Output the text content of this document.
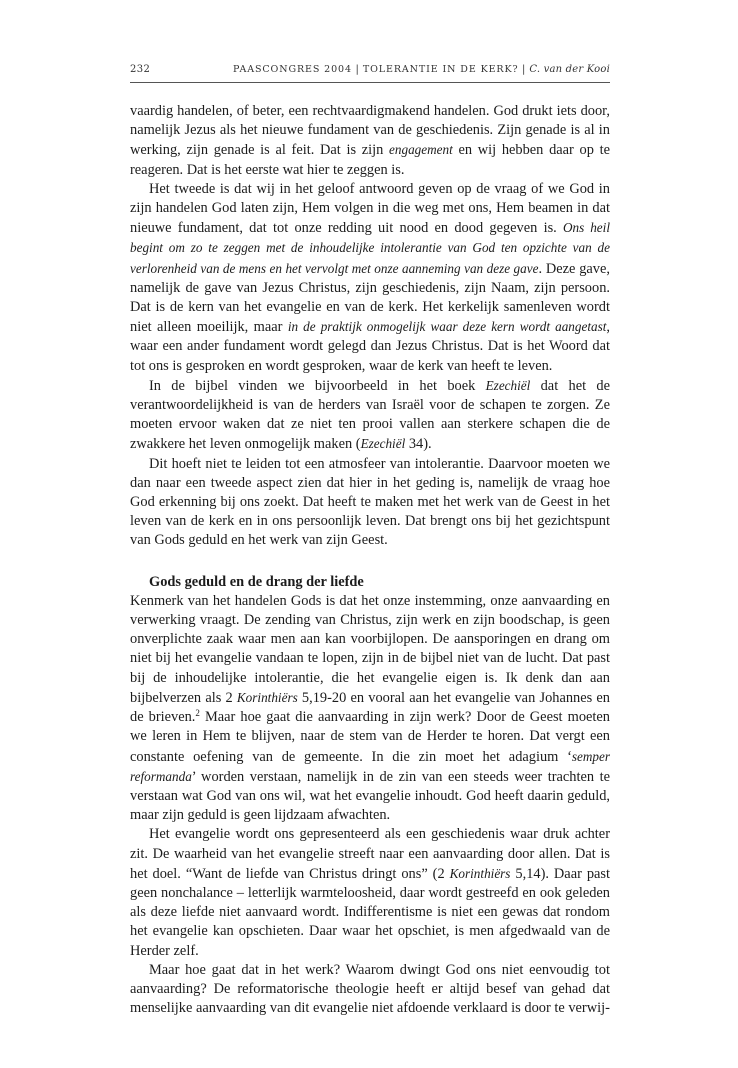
232	PAASCONGRES 2004 | TOLERANTIE IN DE KERK? | C. van der Kooi

vaardig handelen, of beter, een rechtvaardigmakend handelen. God drukt iets door, namelijk Jezus als het nieuwe fundament van de geschiedenis. Zijn genade is al in werking, zijn genade is al feit. Dat is zijn engagement en wij hebben daar op te reageren. Dat is het eerste wat hier te zeggen is.

Het tweede is dat wij in het geloof antwoord geven op de vraag of we God in zijn handelen God laten zijn, Hem volgen in die weg met ons, Hem beamen in dat nieuwe fundament, dat tot onze redding uit nood en dood gegeven is. Ons heil begint om zo te zeggen met de inhoudelijke intolerantie van God ten opzichte van de verlorenheid van de mens en het vervolgt met onze aanneming van deze gave. Deze gave, namelijk de gave van Jezus Christus, zijn geschiedenis, zijn Naam, zijn persoon. Dat is de kern van het evangelie en van de kerk. Het kerkelijk samenleven wordt niet alleen moeilijk, maar in de praktijk onmogelijk waar deze kern wordt aangetast, waar een ander fundament wordt gelegd dan Jezus Christus. Dat is het Woord dat tot ons is gesproken en wordt gesproken, waar de kerk van heeft te leven.

In de bijbel vinden we bijvoorbeeld in het boek Ezechiël dat het de verantwoordelijkheid is van de herders van Israël voor de schapen te zorgen. Ze moeten ervoor waken dat ze niet ten prooi vallen aan sterkere schapen die de zwakkere het leven onmogelijk maken (Ezechiël 34).

Dit hoeft niet te leiden tot een atmosfeer van intolerantie. Daarvoor moeten we dan naar een tweede aspect zien dat hier in het geding is, namelijk de vraag hoe God erkenning bij ons zoekt. Dat heeft te maken met het werk van de Geest in het leven van de kerk en in ons persoonlijk leven. Dat brengt ons bij het gezichtspunt van Gods geduld en het werk van zijn Geest.

Gods geduld en de drang der liefde

Kenmerk van het handelen Gods is dat het onze instemming, onze aanvaarding en verwerking vraagt. De zending van Christus, zijn werk en zijn boodschap, is geen onverplichte zaak waar men aan kan voorbijlopen. De aansporingen en drang om niet bij het evangelie vandaan te lopen, zijn in de bijbel niet van de lucht. Dat past bij de inhoudelijke intolerantie, die het evangelie eigen is. Ik denk dan aan bijbelverzen als 2 Korinthiërs 5,19-20 en vooral aan het evangelie van Johannes en de brieven.$^2$ Maar hoe gaat die aanvaarding in zijn werk? Door de Geest moeten we leren in Hem te blijven, naar de stem van de Herder te horen. Dat vergt een constante oefening van de gemeente. In die zin moet het adagium ‘semper reformanda’ worden verstaan, namelijk in de zin van een steeds weer trachten te verstaan wat God van ons wil, wat het evangelie inhoudt. God heeft daarin geduld, maar zijn geduld is geen lijdzaam afwachten.

Het evangelie wordt ons gepresenteerd als een geschiedenis waar druk achter zit. De waarheid van het evangelie streeft naar een aanvaarding door allen. Dat is het doel. “Want de liefde van Christus dringt ons” (2 Korinthiërs 5,14). Daar past geen nonchalance – letterlijk warmteloosheid, daar wordt gestreefd en ook geleden als deze liefde niet aanvaard wordt. Indifferentisme is niet een gewas dat rondom het evangelie kan opschieten. Daar waar het opschiet, is men afgedwaald van de Herder zelf.

Maar hoe gaat dat in het werk? Waarom dwingt God ons niet eenvoudig tot aanvaarding? De reformatorische theologie heeft er altijd besef van gehad dat menselijke aanvaarding van dit evangelie niet afdoende verklaard is door te verwij-
